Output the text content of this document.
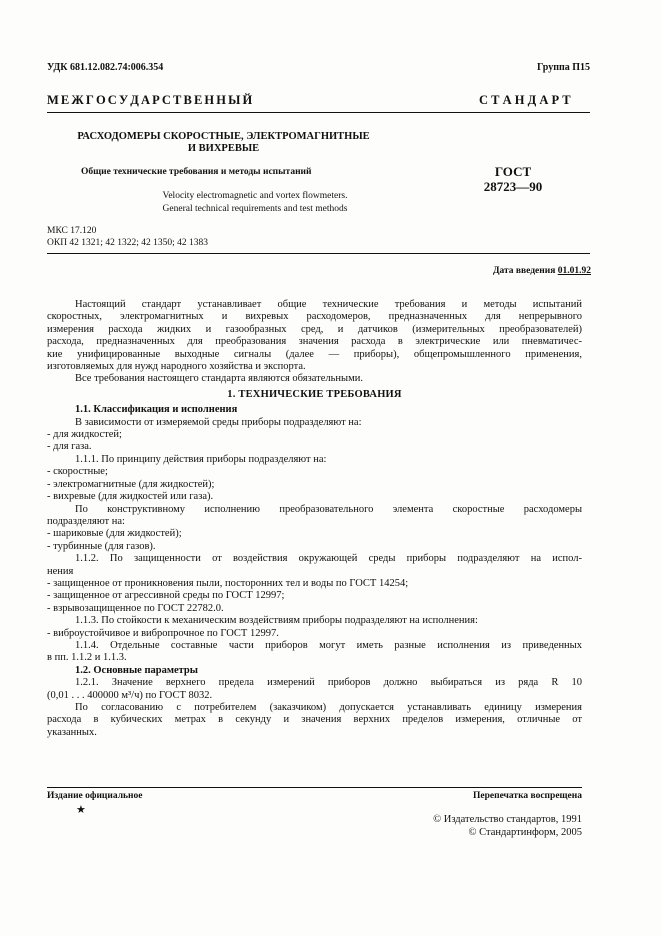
УДК 681.12.082.74:006.354	Группа П15
М Е Ж Г О С У Д А Р С Т В Е Н Н Ы Й	С Т А Н Д А Р Т
РАСХОДОМЕРЫ СКОРОСТНЫЕ, ЭЛЕКТРОМАГНИТНЫЕ
И ВИХРЕВЫЕ
Общие технические требования и методы испытаний
Velocity electromagnetic and vortex flowmeters.
General technical requirements and test methods
ГОСТ
28723—90
МКС 17.120
ОКП 42 1321; 42 1322; 42 1350; 42 1383
Дата введения 01.01.92

Настоящий стандарт устанавливает общие технические требования и методы испытаний

скоростных, электромагнитных и вихревых расходомеров, предназначенных для непрерывного

измерения расхода жидких и газообразных сред, и датчиков (измерительных преобразователей)

расхода, предназначенных для преобразования значения расхода в электрические или пневматичес-

кие унифицированные выходные сигналы (далее — приборы), общепромышленного применения,

изготовляемых для нужд народного хозяйства и экспорта.

Все требования настоящего стандарта являются обязательными.

1. ТЕХНИЧЕСКИЕ ТРЕБОВАНИЯ

1.1. Классификация и исполнения

В зависимости от измеряемой среды приборы подразделяют на:

- для жидкостей;

- для газа.

1.1.1. По принципу действия приборы подразделяют на:

- скоростные;

- электромагнитные (для жидкостей);

- вихревые (для жидкостей или газа).

По конструктивному исполнению преобразовательного элемента скоростные расходомеры

подразделяют на:

- шариковые (для жидкостей);

- турбинные (для газов).

1.1.2. По защищенности от воздействия окружающей среды приборы подразделяют на испол-

нения

- защищенное от проникновения пыли, посторонних тел и воды по ГОСТ 14254;

- защищенное от агрессивной среды по ГОСТ 12997;

- взрывозащищенное по ГОСТ 22782.0.

1.1.3. По стойкости к механическим воздействиям приборы подразделяют на исполнения:

- виброустойчивое и вибропрочное по ГОСТ 12997.

1.1.4. Отдельные составные части приборов могут иметь разные исполнения из приведенных

в пп. 1.1.2 и 1.1.3.

1.2. Основные параметры

1.2.1. Значение верхнего предела измерений приборов должно выбираться из ряда R 10

(0,01 . . . 400000 м³/ч) по ГОСТ 8032.

По согласованию с потребителем (заказчиком) допускается устанавливать единицу измерения

расхода в кубических метрах в секунду и значения верхних пределов измерения, отличные от

указанных.

Издание официальное	Перепечатка воспрещена
★
© Издательство стандартов, 1991
© Стандартинформ, 2005
